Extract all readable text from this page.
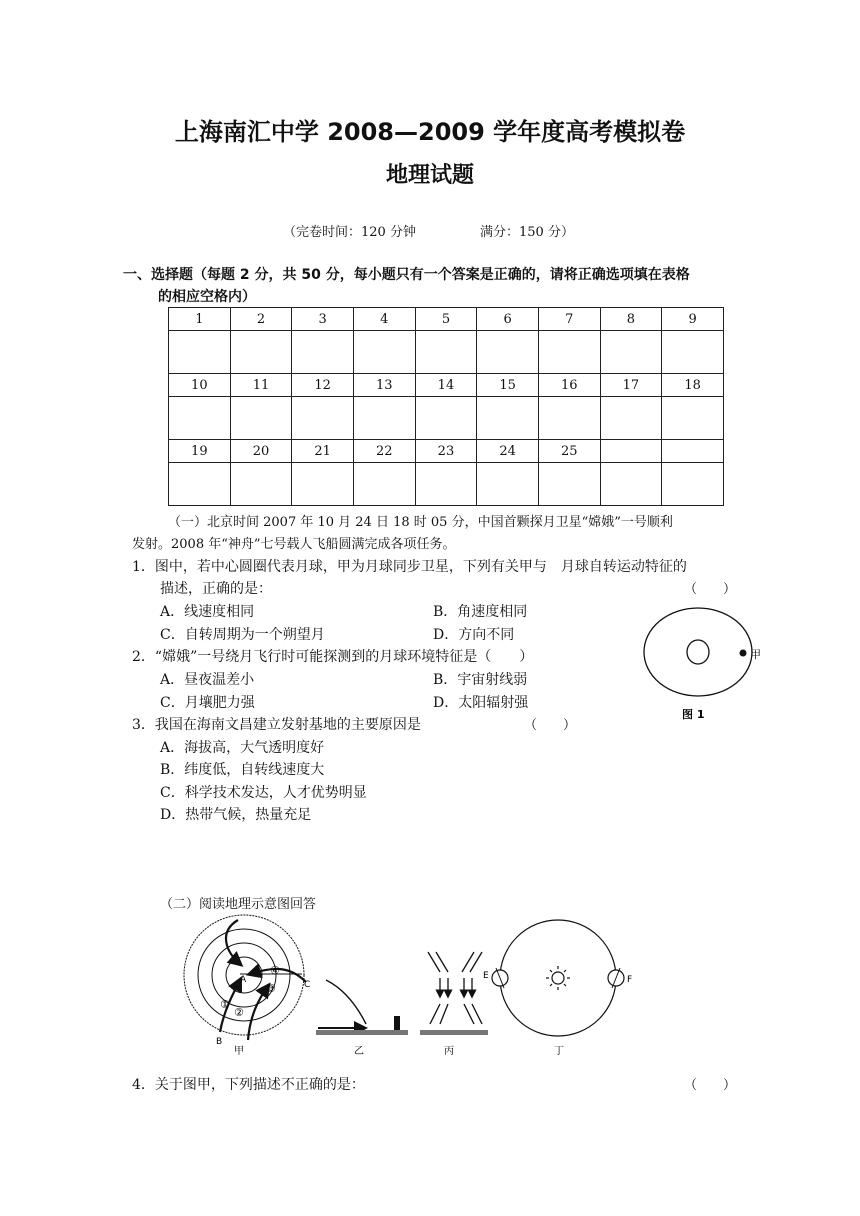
上海南汇中学 2008—2009 学年度高考模拟卷
地理试题
（完卷时间：120 分钟	满分：150 分）
一、选择题（每题 2 分，共 50 分，每小题只有一个答案是正确的，请将正确选项填在表格
的相应空格内）
1	2	3	4	5	6	7	8	9

10	11	12	13	14	15	16	17	18

19	20	21	22	23	24	25		

（一）北京时间 2007 年 10 月 24 日 18 时 05 分，中国首颗探月卫星“嫦娥”一号顺利
发射。2008 年“神舟”七号载人飞船圆满完成各项任务。
1．图中，若中心圆圈代表月球，甲为月球同步卫星，下列有关甲与　月球自转运动特征的
描述，正确的是：	（　　）
A．线速度相同	B．角速度相同
C．自转周期为一个朔望月	D．方向不同
2．“嫦娥”一号绕月飞行时可能探测到的月球环境特征是（　　）
A．昼夜温差小	B．宇宙射线弱
C．月壤肥力强	D．太阳辐射强
3．我国在海南文昌建立发射基地的主要原因是	（　　）
A．海拔高，大气透明度好
B．纬度低，自转线速度大
C．科学技术发达，人才优势明显
D．热带气候，热量充足
甲
图 1
（二）阅读地理示意图回答
A
B
C
①
②
③
④
甲	乙	丙
E	F
丁
4．关于图甲，下列描述不正确的是：	（　　）
